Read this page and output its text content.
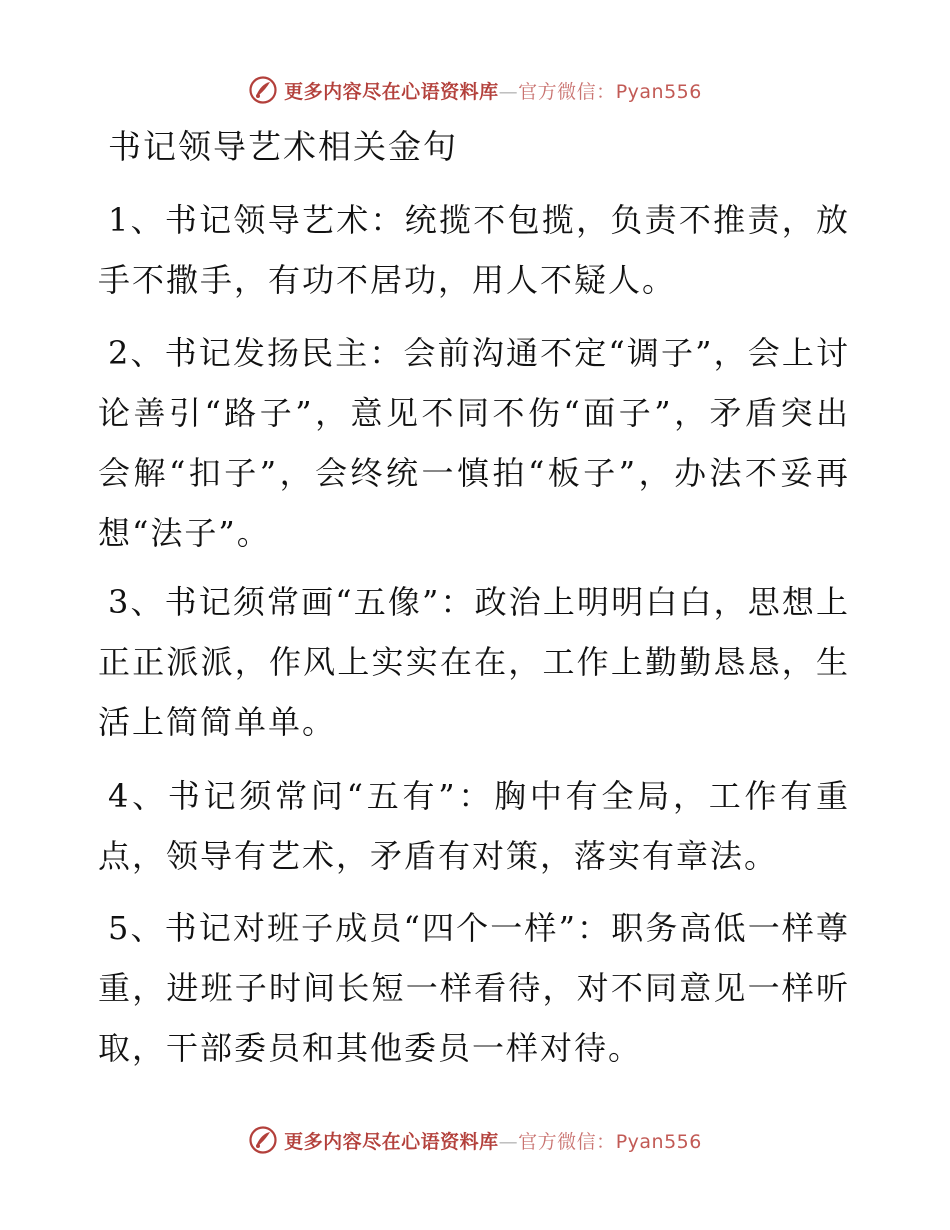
更多内容尽在心语资料库—官方微信：Pyan556
书记领导艺术相关金句

1、书记领导艺术：统揽不包揽，负责不推责，放手不撒手，有功不居功，用人不疑人。

2、书记发扬民主：会前沟通不定“调子”，会上讨论善引“路子”，意见不同不伤“面子”，矛盾突出会解“扣子”，会终统一慎拍“板子”，办法不妥再想“法子”。

3、书记须常画“五像”：政治上明明白白，思想上正正派派，作风上实实在在，工作上勤勤恳恳，生活上简简单单。

4、书记须常问“五有”：胸中有全局，工作有重点，领导有艺术，矛盾有对策，落实有章法。

5、书记对班子成员“四个一样”：职务高低一样尊重，进班子时间长短一样看待，对不同意见一样听取，干部委员和其他委员一样对待。

更多内容尽在心语资料库—官方微信：Pyan556
